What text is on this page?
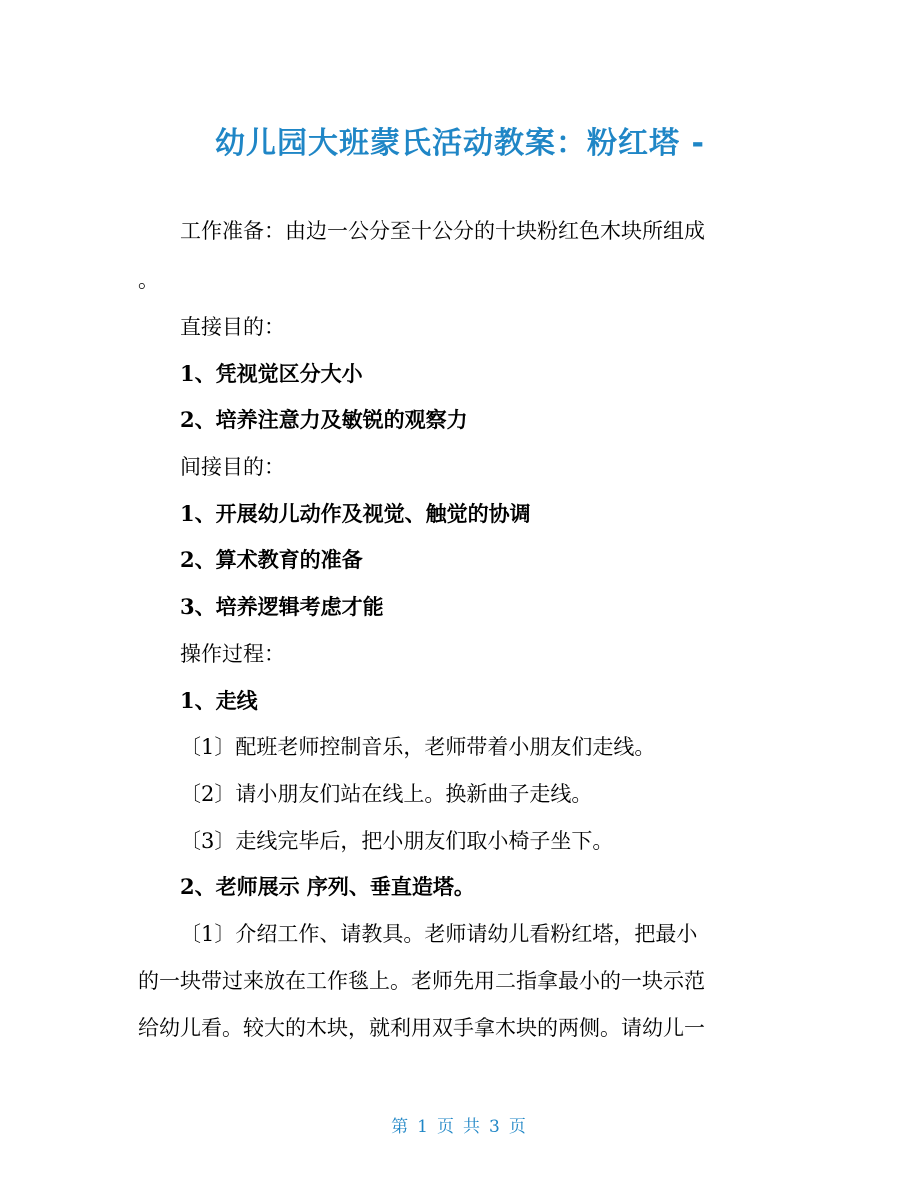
幼儿园大班蒙氏活动教案：粉红塔 -
工作准备：由边一公分至十公分的十块粉红色木块所组成
。
直接目的：
1、凭视觉区分大小
2、培养注意力及敏锐的观察力
间接目的：
1、开展幼儿动作及视觉、触觉的协调
2、算术教育的准备
3、培养逻辑考虑才能
操作过程：
1、走线
〔1〕配班老师控制音乐，老师带着小朋友们走线。
〔2〕请小朋友们站在线上。换新曲子走线。
〔3〕走线完毕后，把小朋友们取小椅子坐下。
2、老师展示 序列、垂直造塔。
〔1〕介绍工作、请教具。老师请幼儿看粉红塔，把最小
的一块带过来放在工作毯上。老师先用二指拿最小的一块示范
给幼儿看。较大的木块，就利用双手拿木块的两侧。请幼儿一
第 1 页 共 3 页
